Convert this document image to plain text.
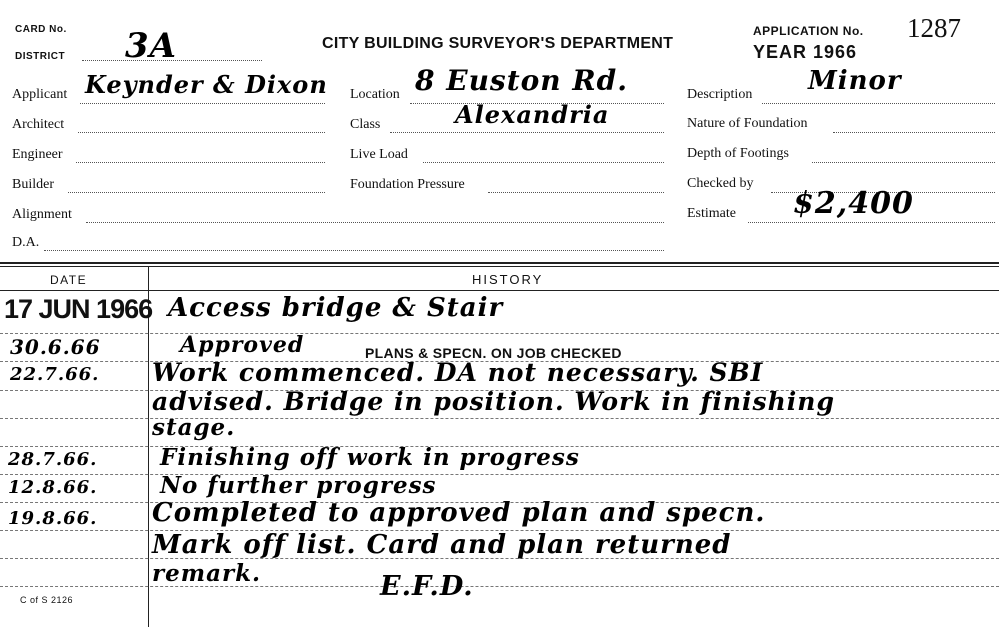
CARD No.
DISTRICT 3A	CITY BUILDING SURVEYOR'S DEPARTMENT
APPLICATION No. 1287
YEAR 1966
Applicant Keynder & Dixon
Architect
Engineer
Builder
Alignment
D.A.
Location 8 Euston Rd.
Class	Alexandria
Live Load
Foundation Pressure
Description Minor
Nature of Foundation
Depth of Footings
Checked by
Estimate $2,400
DATE	HISTORY
17 JUN 1966 Access bridge & Stair
30.6.66	Approved	PLANS & SPECN. ON JOB CHECKED
22.7.66. Work commenced. DA not necessary. SBI
advised. Bridge in position. Work in finishing
stage.
28.7.66.	Finishing off work in progress
12.8.66.	No further progress
19.8.66. Completed to approved plan and specn.
Mark off list. Card and plan returned
remark.	E.F.D.
C of S 2126
